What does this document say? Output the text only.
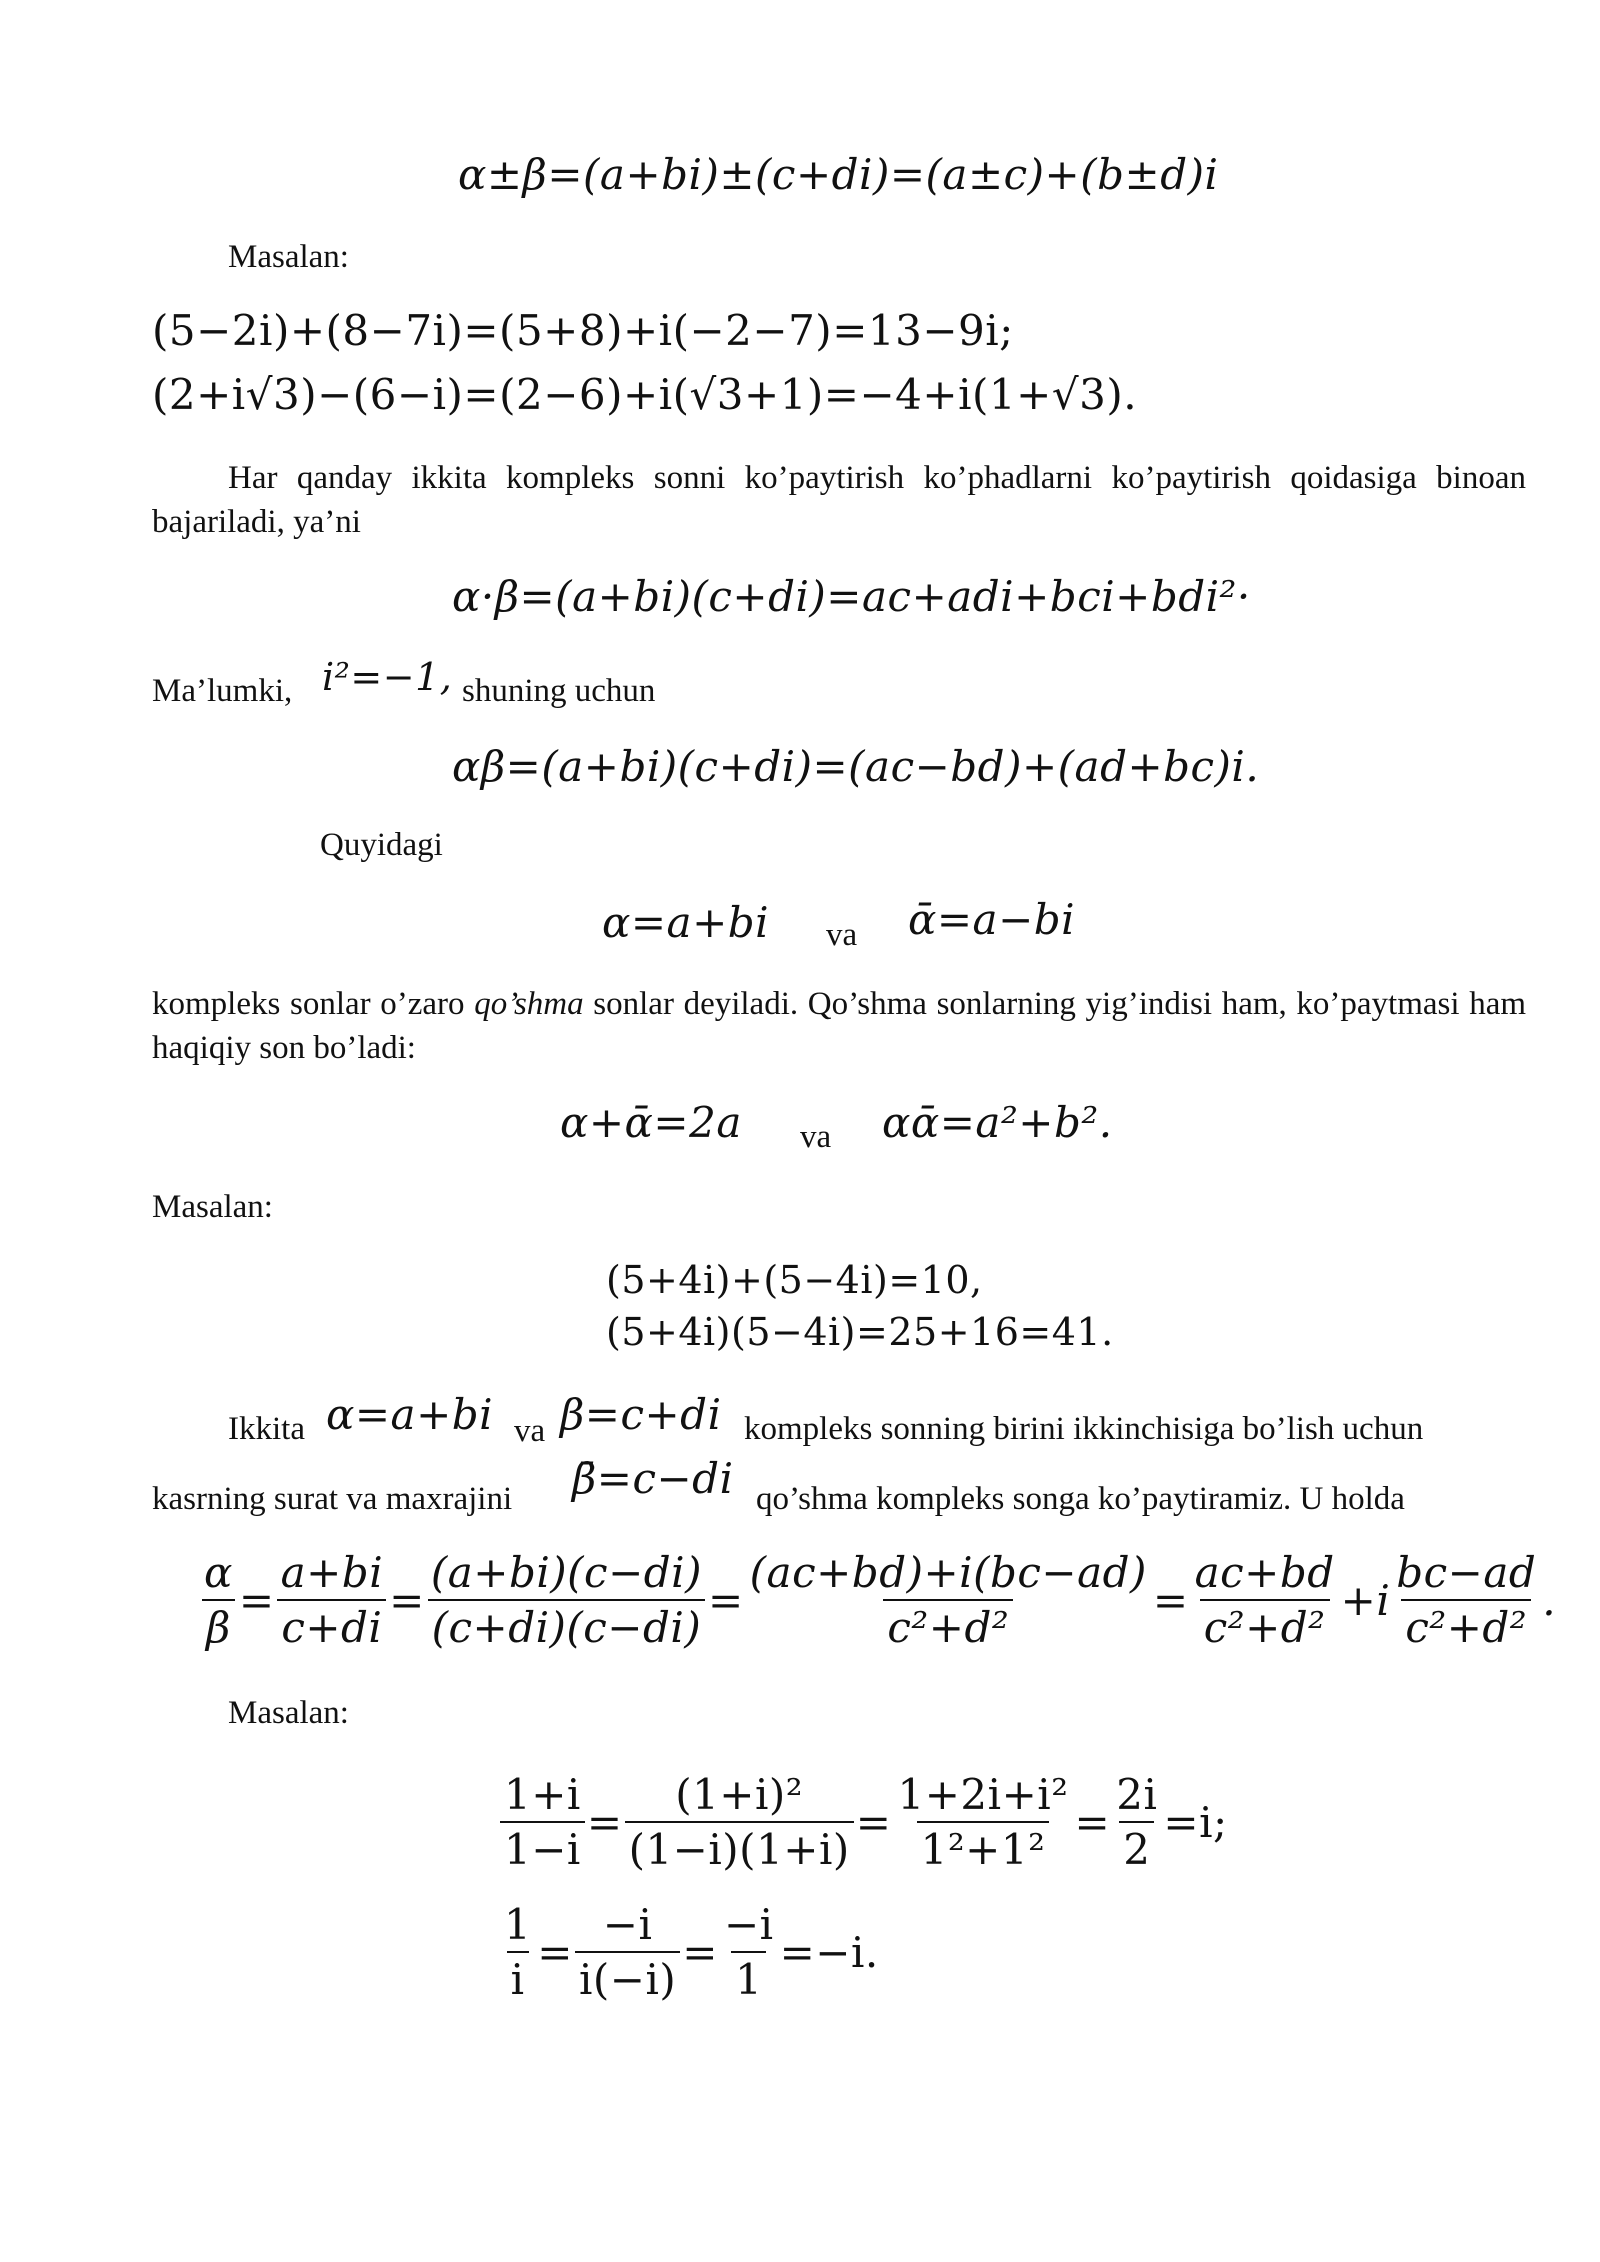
α±β=(a+bi)±(c+di)=(a±c)+(b±d)i
Masalan:
(5−2i)+(8−7i)=(5+8)+i(−2−7)=13−9i;
(2+i√3)−(6−i)=(2−6)+i(√3+1)=−4+i(1+√3).
Har qanday ikkita kompleks sonni ko’paytirish ko’phadlarni ko’paytirish qoidasiga binoan bajariladi, ya’ni
α·β=(a+bi)(c+di)=ac+adi+bci+bdi²·
Ma’lumki, i²=−1, shuning uchun
αβ=(a+bi)(c+di)=(ac−bd)+(ad+bc)i.
Quyidagi
α=a+bi va ᾱ=a−bi
kompleks sonlar o’zaro qo’shma sonlar deyiladi. Qo’shma sonlarning yig’indisi ham, ko’paytmasi ham haqiqiy son bo’ladi:
α+ᾱ=2a va αᾱ=a²+b².
Masalan:
(5+4i)+(5−4i)=10,
(5+4i)(5−4i)=25+16=41.
Ikkita α=a+bi va β=c+di kompleks sonning birini ikkinchisiga bo’lish uchun
kasrning surat va maxrajini β̄=c−di qo’shma kompleks songa ko’paytiramiz. U holda
$\frac{\alpha}{\beta} = \frac{a+bi}{c+di} = \frac{(a+bi)(c-di)}{(c+di)(c-di)} = \frac{(ac+bd)+i(bc-ad)}{\text{c²+d²}} = \frac{ac+bd}{\text{c²+d²}} +i \frac{bc-ad}{\text{c²+d²}}$ .
Masalan:
$\frac{1+i}{1-i} = \frac{\text{(1+i)²}}{(1-i)(1+i)} = \frac{\text{1+2i+i²}}{\text{1²+1²}} = \frac{2i}{2} =i$;
$\frac{1}{i} = \frac{-i}{i(-i)} = \frac{-i}{1} =-i$.
